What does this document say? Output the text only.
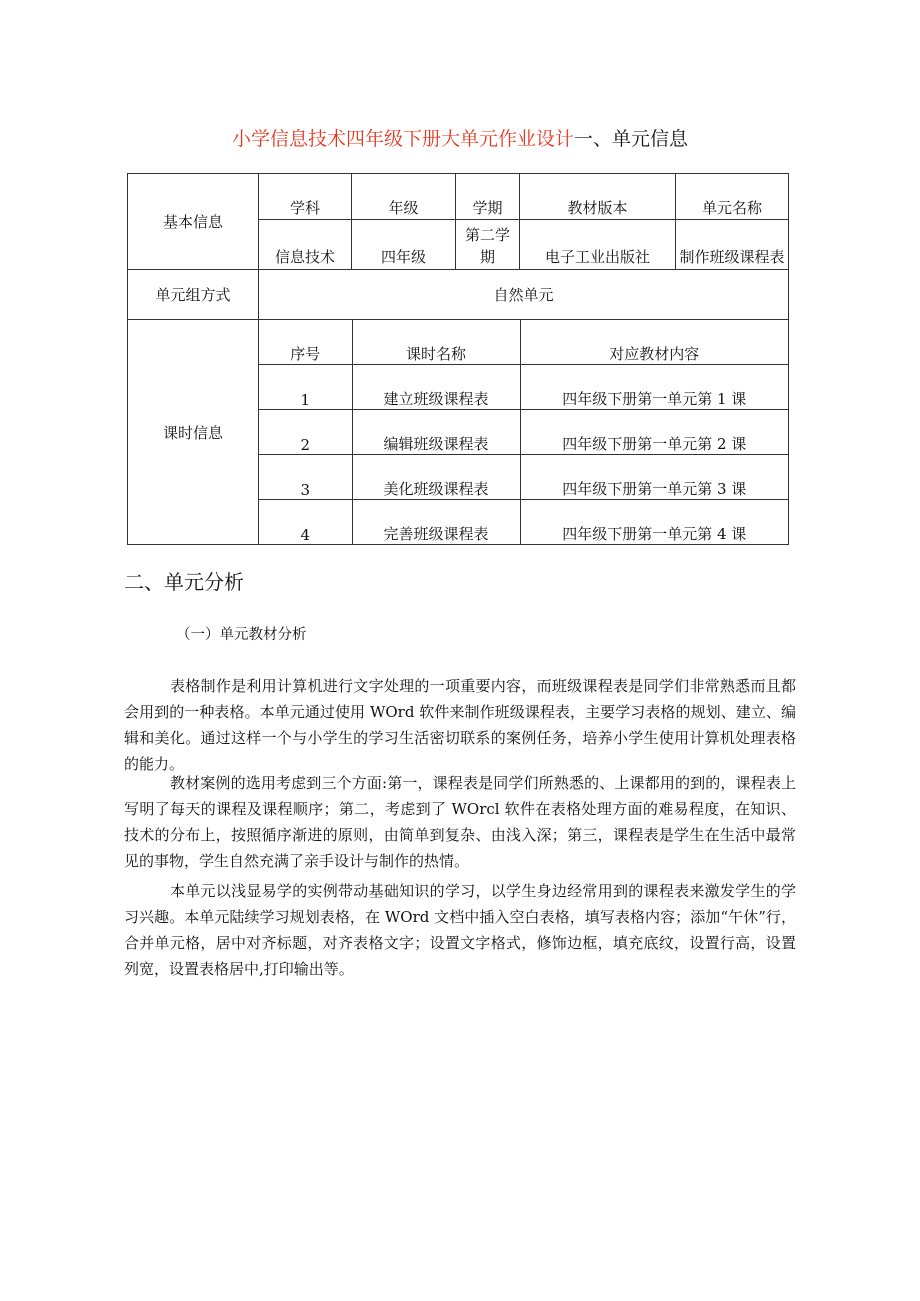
小学信息技术四年级下册大单元作业设计一、单元信息
基本信息	学科	年级	学期	教材版本	单元名称
信息技术	四年级	第二学期	电子工业出版社	制作班级课程表
单元组方式	自然单元
课时信息	
序号	课时名称	对应教材内容
1	建立班级课程表	四年级下册第一单元第 1 课
2	编辑班级课程表	四年级下册第一单元第 2 课
3	美化班级课程表	四年级下册第一单元第 3 课
4	完善班级课程表	四年级下册第一单元第 4 课
二、单元分析
（一）单元教材分析

表格制作是利用计算机进行文字处理的一项重要内容，而班级课程表是同学们非常熟悉而且都会用到的一种表格。本单元通过使用 WOrd 软件来制作班级课程表，主要学习表格的规划、建立、编辑和美化。通过这样一个与小学生的学习生活密切联系的案例任务，培养小学生使用计算机处理表格的能力。

教材案例的选用考虑到三个方面:第一，课程表是同学们所熟悉的、上课都用的到的，课程表上写明了每天的课程及课程顺序；第二，考虑到了 WOrcl 软件在表格处理方面的难易程度，在知识、技术的分布上，按照循序渐进的原则，由简单到复杂、由浅入深；第三，课程表是学生在生活中最常见的事物，学生自然充满了亲手设计与制作的热情。

本单元以浅显易学的实例带动基础知识的学习，以学生身边经常用到的课程表来激发学生的学习兴趣。本单元陆续学习规划表格，在 WOrd 文档中插入空白表格，填写表格内容；添加“午休”行，合并单元格，居中对齐标题，对齐表格文字；设置文字格式，修饰边框，填充底纹，设置行高，设置列宽，设置表格居中,打印输出等。
